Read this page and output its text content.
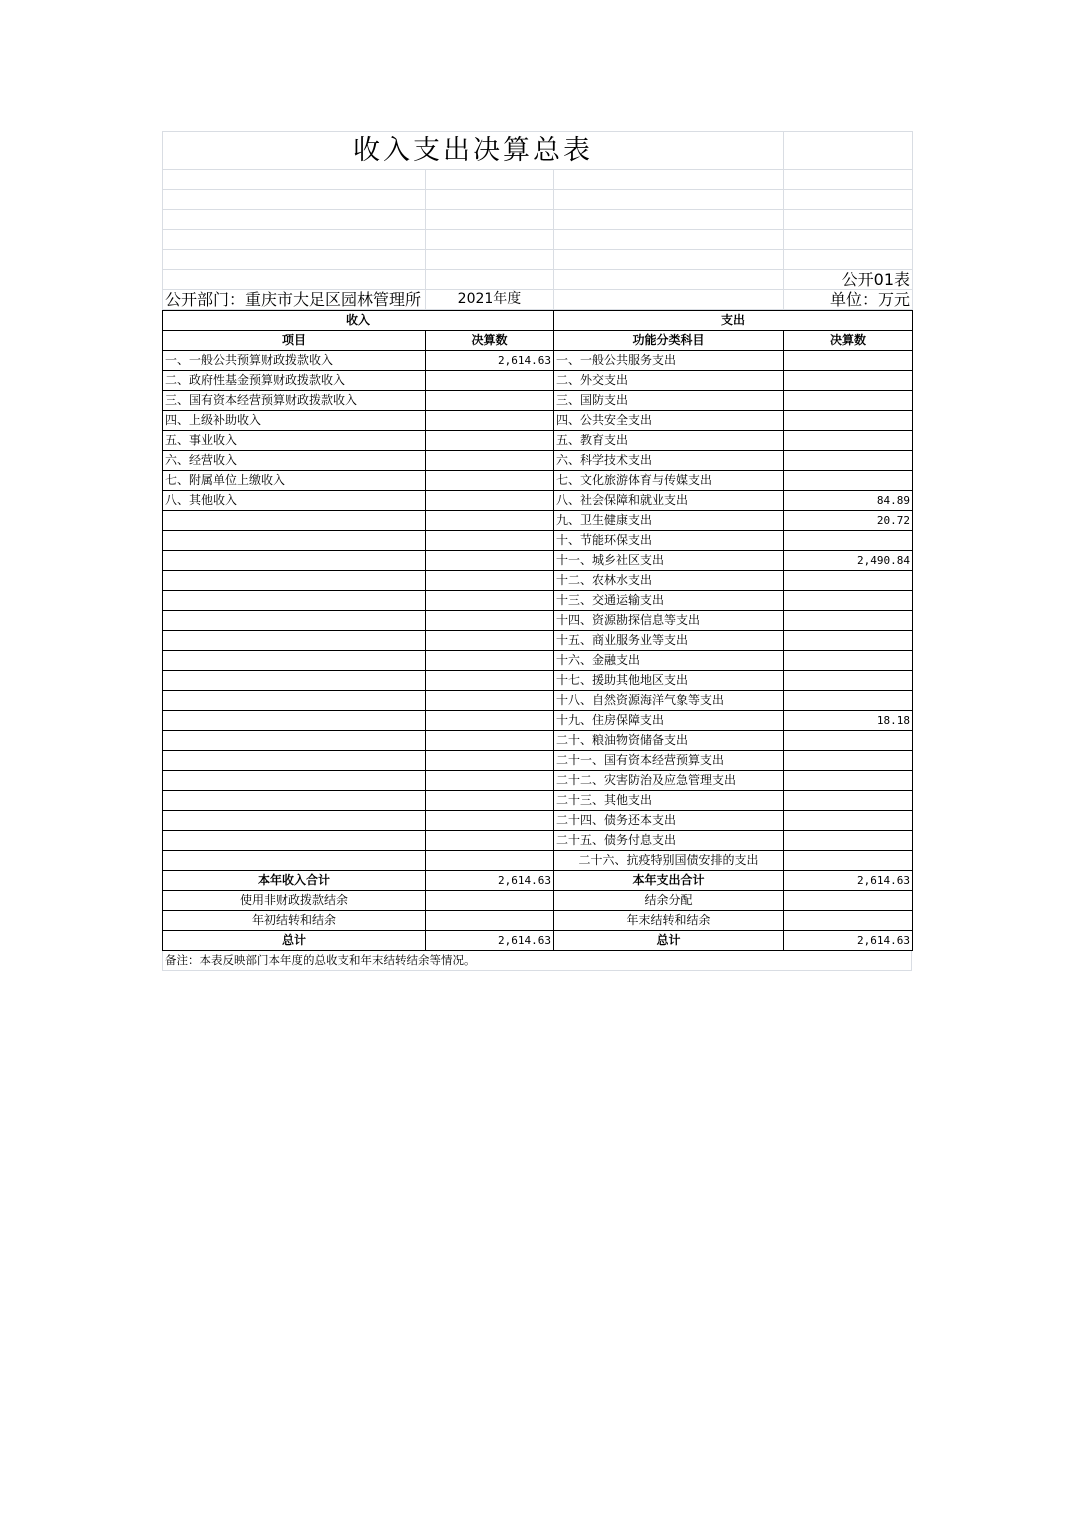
收入支出决算总表			

			公开01表
公开部门：重庆市大足区园林管理所	2021年度		单位：万元
收入		支出	
项目	决算数	功能分类科目	决算数
一、一般公共预算财政拨款收入	2,614.63	一、一般公共服务支出	
二、政府性基金预算财政拨款收入		二、外交支出	
三、国有资本经营预算财政拨款收入		三、国防支出	
四、上级补助收入		四、公共安全支出	
五、事业收入		五、教育支出	
六、经营收入		六、科学技术支出	
七、附属单位上缴收入		七、文化旅游体育与传媒支出	
八、其他收入		八、社会保障和就业支出	84.89
		九、卫生健康支出	20.72
		十、节能环保支出	
		十一、城乡社区支出	2,490.84
		十二、农林水支出	
		十三、交通运输支出	
		十四、资源勘探信息等支出	
		十五、商业服务业等支出	
		十六、金融支出	
		十七、援助其他地区支出	
		十八、自然资源海洋气象等支出	
		十九、住房保障支出	18.18
		二十、粮油物资储备支出	
		二十一、国有资本经营预算支出	
		二十二、灾害防治及应急管理支出	
		二十三、其他支出	
		二十四、债务还本支出	
		二十五、债务付息支出	
		二十六、抗疫特别国债安排的支出	
本年收入合计	2,614.63	本年支出合计	2,614.63
使用非财政拨款结余		结余分配	
年初结转和结余		年末结转和结余	
总计	2,614.63	总计	2,614.63
备注：本表反映部门本年度的总收支和年末结转结余等情况。
